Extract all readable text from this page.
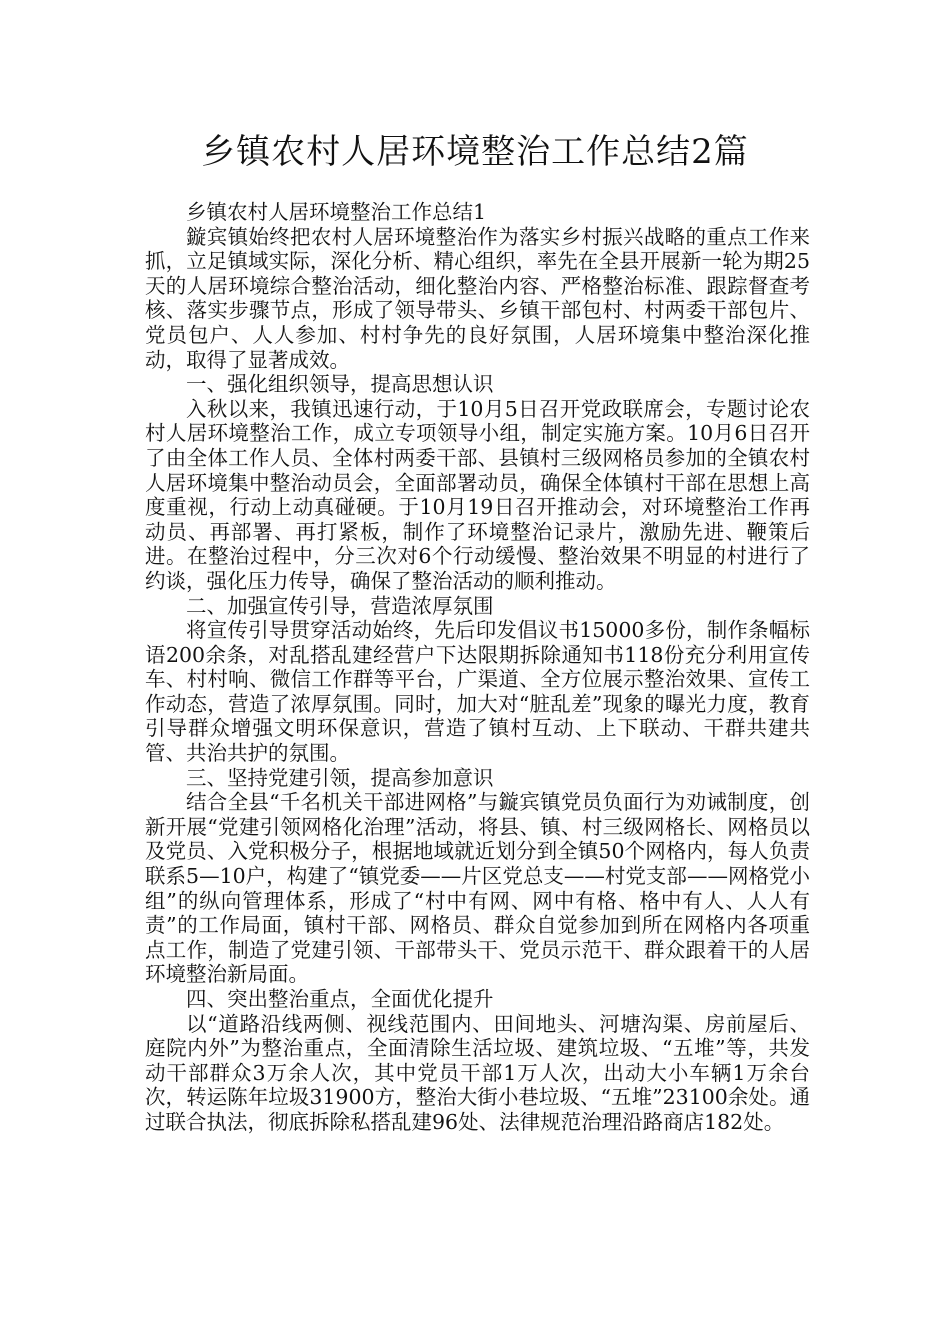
乡镇农村人居环境整治工作总结2篇

乡镇农村人居环境整治工作总结1

鏇宾镇始终把农村人居环境整治作为落实乡村振兴战略的重点工作来抓，立足镇域实际，深化分析、精心组织，率先在全县开展新一轮为期25天的人居环境综合整治活动，细化整治内容、严格整治标准、跟踪督查考核、落实步骤节点，形成了领导带头、乡镇干部包村、村两委干部包片、党员包户、人人参加、村村争先的良好氛围，人居环境集中整治深化推动，取得了显著成效。

一、强化组织领导，提高思想认识

入秋以来，我镇迅速行动，于10月5日召开党政联席会，专题讨论农村人居环境整治工作，成立专项领导小组，制定实施方案。10月6日召开了由全体工作人员、全体村两委干部、县镇村三级网格员参加的全镇农村人居环境集中整治动员会，全面部署动员，确保全体镇村干部在思想上高度重视，行动上动真碰硬。于10月19日召开推动会，对环境整治工作再动员、再部署、再打紧板，制作了环境整治记录片，激励先进、鞭策后进。在整治过程中，分三次对6个行动缓慢、整治效果不明显的村进行了约谈，强化压力传导，确保了整治活动的顺利推动。

二、加强宣传引导，营造浓厚氛围

将宣传引导贯穿活动始终，先后印发倡议书15000多份，制作条幅标语200余条，对乱搭乱建经营户下达限期拆除通知书118份充分利用宣传车、村村响、微信工作群等平台，广渠道、全方位展示整治效果、宣传工作动态，营造了浓厚氛围。同时，加大对“脏乱差”现象的曝光力度，教育引导群众增强文明环保意识，营造了镇村互动、上下联动、干群共建共管、共治共护的氛围。

三、坚持党建引领，提高参加意识

结合全县“千名机关干部进网格”与鏇宾镇党员负面行为劝诫制度，创新开展“党建引领网格化治理”活动，将县、镇、村三级网格长、网格员以及党员、入党积极分子，根据地域就近划分到全镇50个网格内，每人负责联系5—10户，构建了“镇党委——片区党总支——村党支部——网格党小组”的纵向管理体系，形成了“村中有网、网中有格、格中有人、人人有责”的工作局面，镇村干部、网格员、群众自觉参加到所在网格内各项重点工作，制造了党建引领、干部带头干、党员示范干、群众跟着干的人居环境整治新局面。

四、突出整治重点，全面优化提升

以“道路沿线两侧、视线范围内、田间地头、河塘沟渠、房前屋后、庭院内外”为整治重点，全面清除生活垃圾、建筑垃圾、“五堆”等，共发动干部群众3万余人次，其中党员干部1万人次，出动大小车辆1万余台次，转运陈年垃圾31900方，整治大街小巷垃圾、“五堆”23100余处。通过联合执法，彻底拆除私搭乱建96处、法律规范治理沿路商店182处。
